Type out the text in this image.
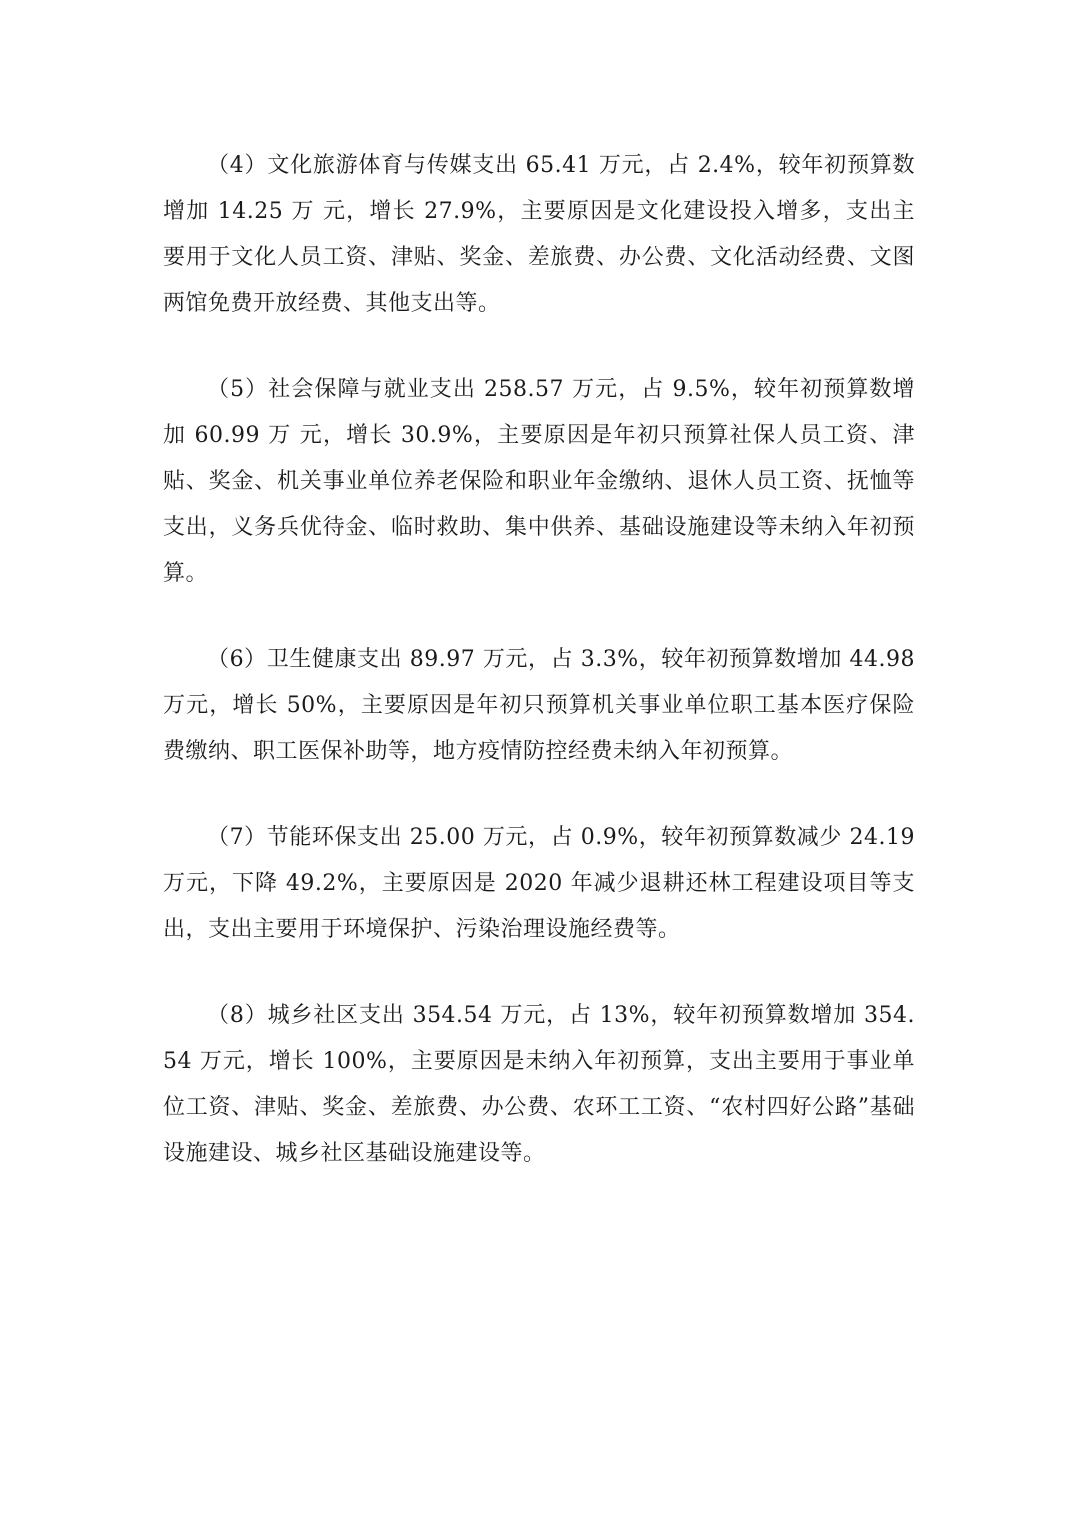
（4）文化旅游体育与传媒支出 65.41 万元，占 2.4%，较年初预算数增加 14.25 万 元，增长 27.9%，主要原因是文化建设投入增多，支出主要用于文化人员工资、津贴、奖金、差旅费、办公费、文化活动经费、文图两馆免费开放经费、其他支出等。

（5）社会保障与就业支出 258.57 万元，占 9.5%，较年初预算数增加 60.99 万 元，增长 30.9%，主要原因是年初只预算社保人员工资、津贴、奖金、机关事业单位养老保险和职业年金缴纳、退休人员工资、抚恤等支出，义务兵优待金、临时救助、集中供养、基础设施建设等未纳入年初预算。

（6）卫生健康支出 89.97 万元，占 3.3%，较年初预算数增加 44.98 万元，增长 50%，主要原因是年初只预算机关事业单位职工基本医疗保险费缴纳、职工医保补助等，地方疫情防控经费未纳入年初预算。

（7）节能环保支出 25.00 万元，占 0.9%，较年初预算数减少 24.19 万元，下降 49.2%，主要原因是 2020 年减少退耕还林工程建设项目等支出，支出主要用于环境保护、污染治理设施经费等。

（8）城乡社区支出 354.54 万元，占 13%，较年初预算数增加 354.54 万元，增长 100%，主要原因是未纳入年初预算，支出主要用于事业单位工资、津贴、奖金、差旅费、办公费、农环工工资、“农村四好公路”基础设施建设、城乡社区基础设施建设等。
